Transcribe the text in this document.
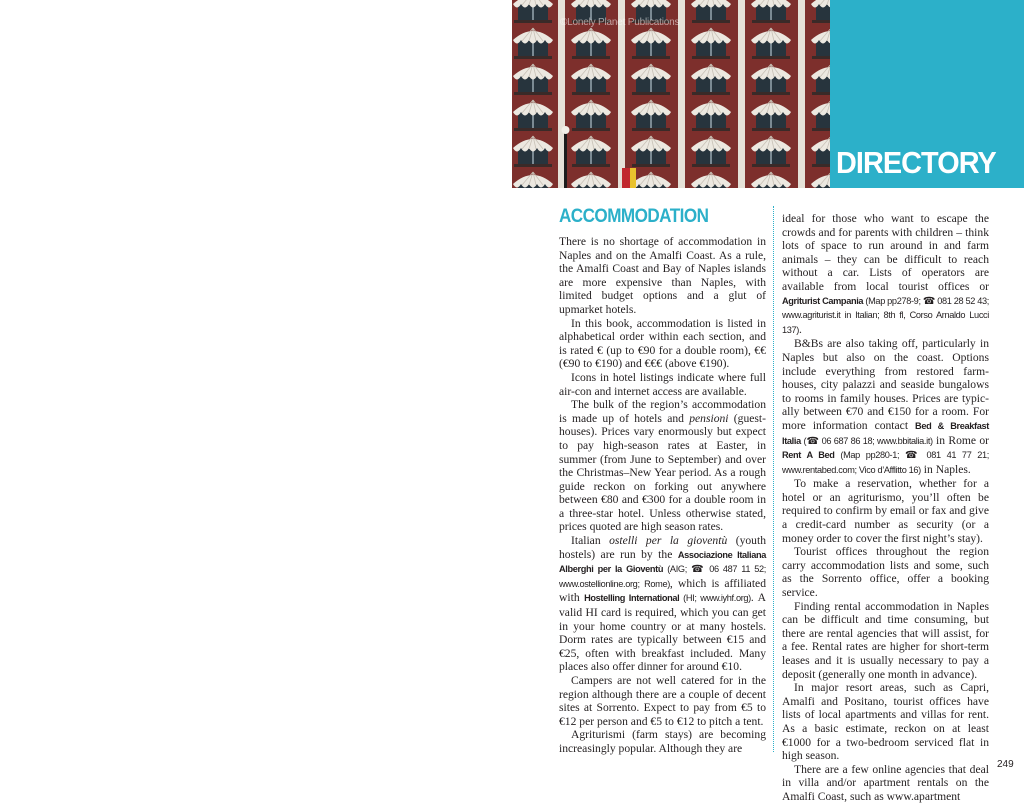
©Lonely Planet Publications
DIRECTORY
ACCOMMODATION

There is no shortage of accommodation in Naples and on the Amalfi Coast. As a rule, the Amalfi Coast and Bay of Naples islands are more expensive than Naples, with limited budget options and a glut of upmarket hotels.

In this book, accommodation is listed in alphabetical order within each section, and is rated € (up to €90 for a double room), €€ (€90 to €190) and €€€ (above €190).

Icons in hotel listings indicate where full air-con and internet access are available.

The bulk of the region’s accommodation is made up of hotels and pensioni (guest-houses). Prices vary enormously but expect to pay high-season rates at Easter, in summer (from June to September) and over the Christmas–New Year period. As a rough guide reckon on forking out anywhere between €80 and €300 for a double room in a three-star hotel. Unless otherwise stated, prices quoted are high season rates.

Italian ostelli per la gioventù (youth hostels) are run by the Associazione Italiana Alberghi per la Gioventù (AIG; ☎ 06 487 11 52; www.ostellionline.org; Rome), which is affiliated with Hostelling International (HI; www.iyhf.org). A valid HI card is required, which you can get in your home country or at many hostels. Dorm rates are typically between €15 and €25, often with breakfast included. Many places also offer dinner for around €10.

Campers are not well catered for in the region although there are a couple of decent sites at Sorrento. Expect to pay from €5 to €12 per person and €5 to €12 to pitch a tent.

Agriturismi (farm stays) are becoming increasingly popular. Although they are

ideal for those who want to escape the crowds and for parents with children – think lots of space to run around in and farm animals – they can be difficult to reach without a car. Lists of operators are available from local tourist offices or Agriturist Campania (Map pp278-9; ☎ 081 28 52 43; www.agriturist.it in Italian; 8th fl, Corso Arnaldo Lucci 137).

B&Bs are also taking off, particularly in Naples but also on the coast. Options include everything from restored farm-houses, city palazzi and seaside bungalows to rooms in family houses. Prices are typic-ally between €70 and €150 for a room. For more information contact Bed & Breakfast Italia (☎ 06 687 86 18; www.bbitalia.it) in Rome or Rent A Bed (Map pp280-1; ☎ 081 41 77 21; www.rentabed.com; Vico d’Afflitto 16) in Naples.

To make a reservation, whether for a hotel or an agriturismo, you’ll often be required to confirm by email or fax and give a credit-card number as security (or a money order to cover the first night’s stay).

Tourist offices throughout the region carry accommodation lists and some, such as the Sorrento office, offer a booking service.

Finding rental accommodation in Naples can be difficult and time consuming, but there are rental agencies that will assist, for a fee. Rental rates are higher for short-term leases and it is usually necessary to pay a deposit (generally one month in advance).

In major resort areas, such as Capri, Amalfi and Positano, tourist offices have lists of local apartments and villas for rent. As a basic estimate, reckon on at least €1000 for a two-bedroom serviced flat in high season.

There are a few online agencies that deal in villa and/or apartment rentals on the Amalfi Coast, such as www.apartment

249
